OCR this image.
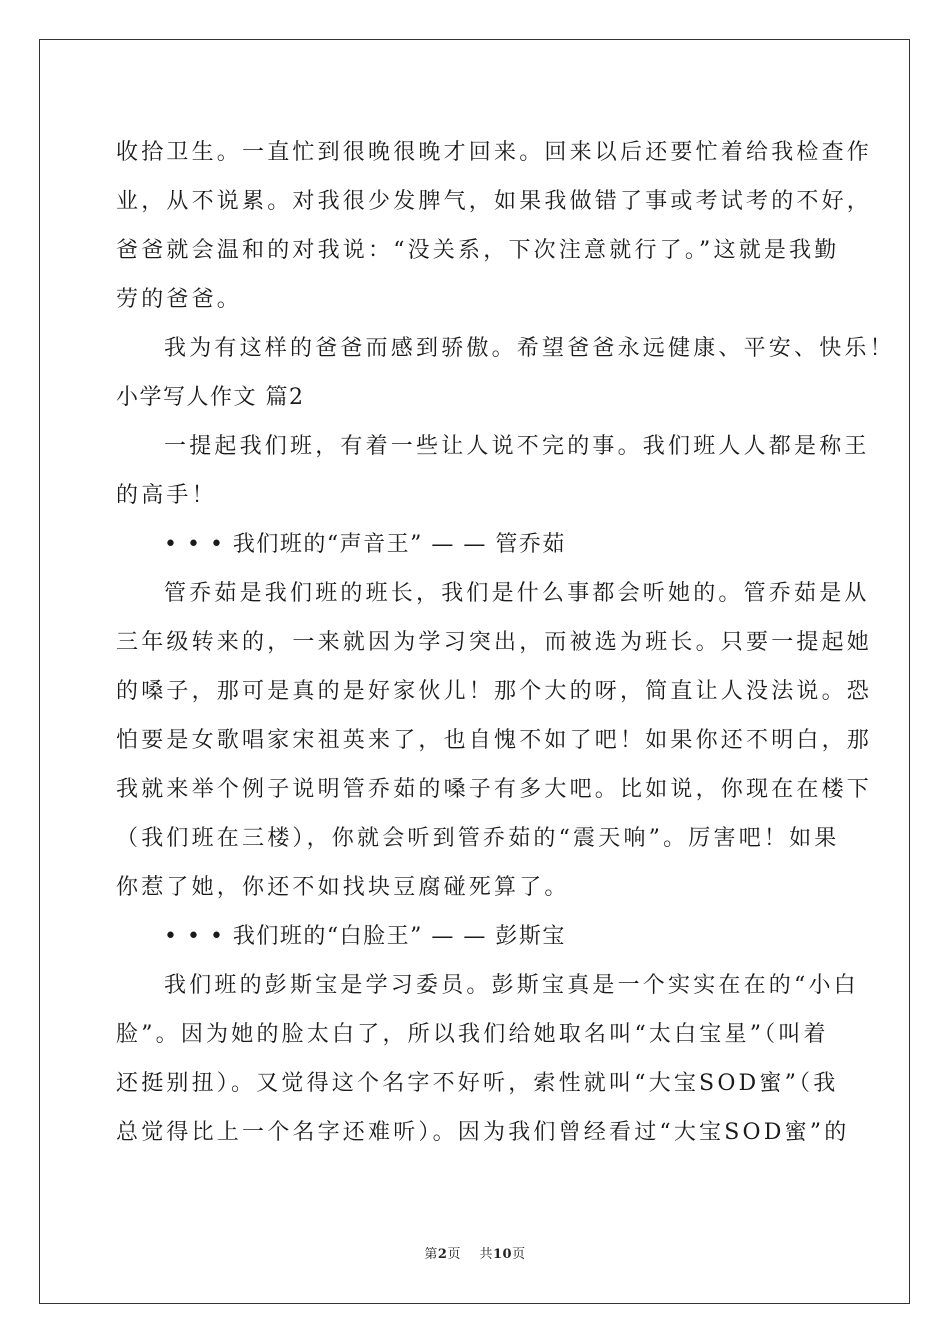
收拾卫生。一直忙到很晚很晚才回来。回来以后还要忙着给我检查作
业，从不说累。对我很少发脾气，如果我做错了事或考试考的不好，
爸爸就会温和的对我说：“没关系，下次注意就行了。”这就是我勤
劳的爸爸。
我为有这样的爸爸而感到骄傲。希望爸爸永远健康、平安、快乐！
小学写人作文 篇2
一提起我们班，有着一些让人说不完的事。我们班人人都是称王
的高手！
• • • 我们班的“声音王” — — 管乔茹
管乔茹是我们班的班长，我们是什么事都会听她的。管乔茹是从
三年级转来的，一来就因为学习突出，而被选为班长。只要一提起她
的嗓子，那可是真的是好家伙儿！那个大的呀，简直让人没法说。恐
怕要是女歌唱家宋祖英来了，也自愧不如了吧！如果你还不明白，那
我就来举个例子说明管乔茹的嗓子有多大吧。比如说，你现在在楼下
（我们班在三楼），你就会听到管乔茹的“震天响”。厉害吧！如果
你惹了她，你还不如找块豆腐碰死算了。
• • • 我们班的“白脸王” — — 彭斯宝
我们班的彭斯宝是学习委员。彭斯宝真是一个实实在在的“小白
脸”。因为她的脸太白了，所以我们给她取名叫“太白宝星”（叫着
还挺别扭）。又觉得这个名字不好听，索性就叫“大宝SOD蜜”（我
总觉得比上一个名字还难听）。因为我们曾经看过“大宝SOD蜜”的
第2页 共10页
